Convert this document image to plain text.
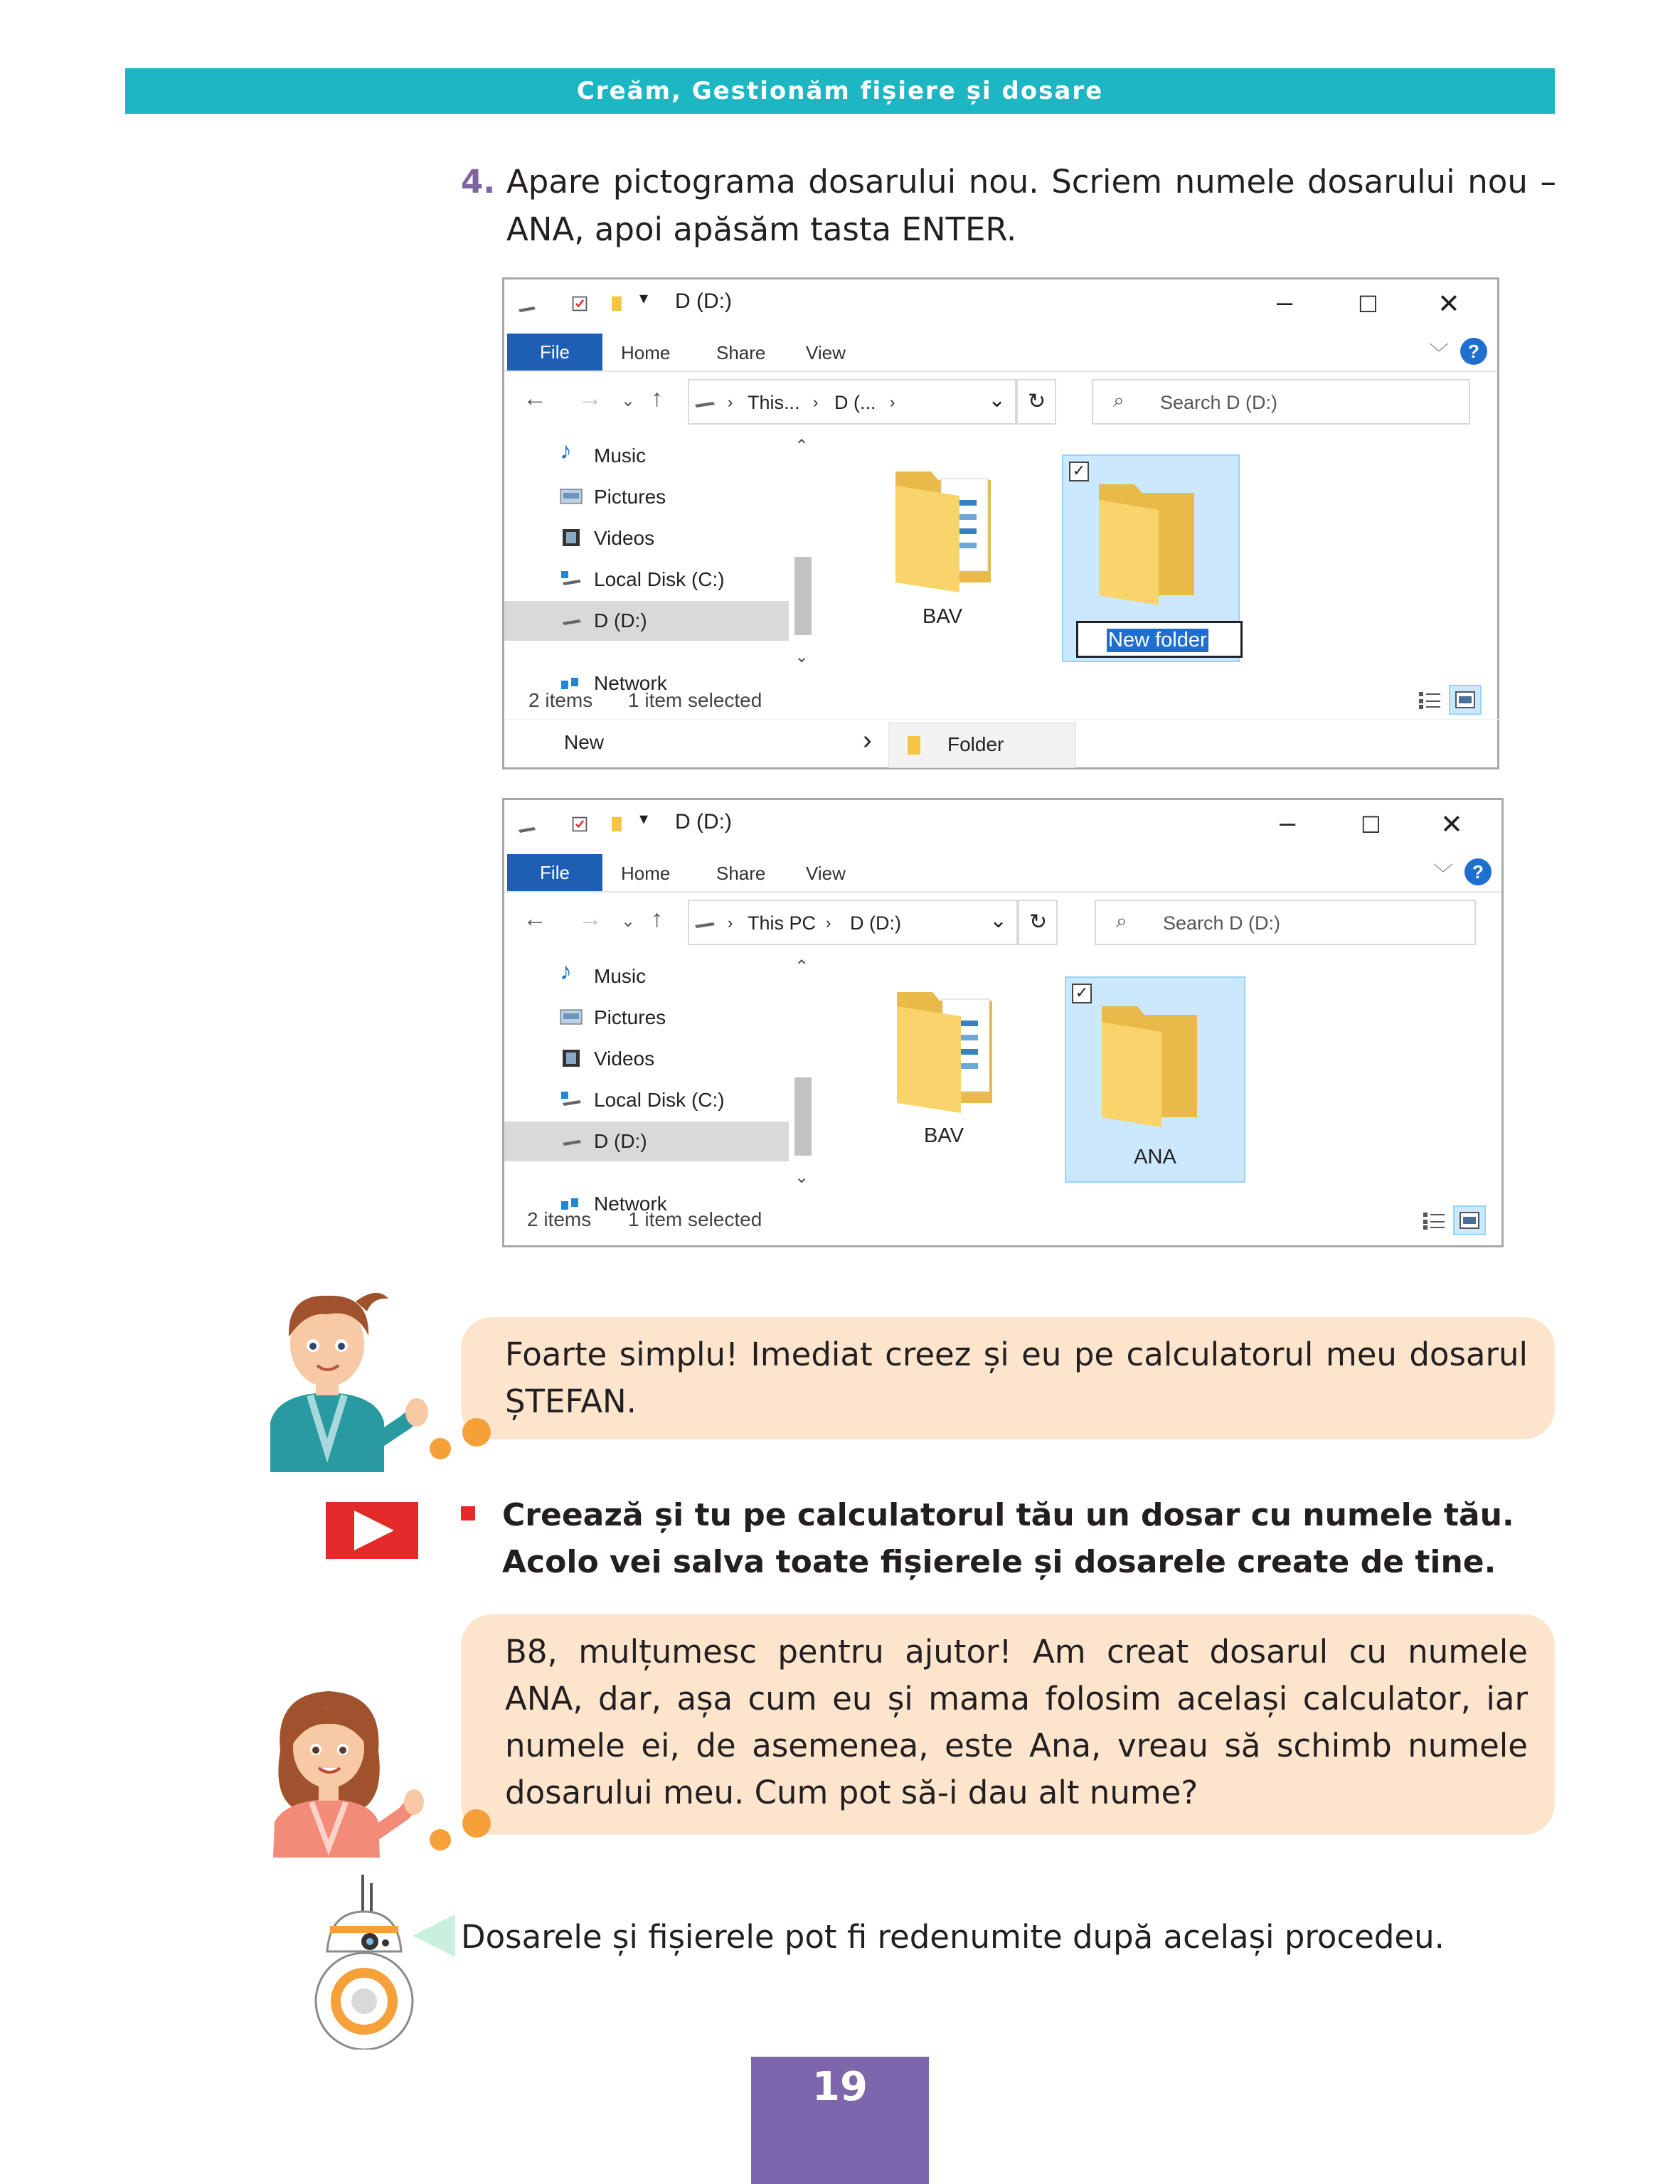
Creăm, Gestionăm fișiere și dosare
4. Apare pictograma dosarului nou. Scriem numele dosarului nou – ANA, apoi apăsăm tasta ENTER.
▾ D (D:)	–	☐ ✕
File	Home Share View	﹀	?
← → ⌄ ↑	› This... › D (... ›	⌄ ↻	⌕ Search D (D:)
♪	Music
Pictures
Videos
Local Disk (C:)
D (D:)
Network
⌃
⌄
BAV
✓
New folder
2 items 1 item selected
New	›	Folder
▾ D (D:)	–	☐ ✕
File	Home Share View	﹀	?
← → ⌄ ↑	› This PC › D (D:)	⌄ ↻	⌕ Search D (D:)
♪	Music
Pictures
Videos
Local Disk (C:)
D (D:)
Network
⌃
⌄
BAV
✓
ANA
2 items 1 item selected
Foarte simplu! Imediat creez și eu pe calculatorul meu dosarul ȘTEFAN.
Creează și tu pe calculatorul tău un dosar cu numele tău. Acolo vei salva toate fișierele și dosarele create de tine.
B8, mulțumesc pentru ajutor! Am creat dosarul cu numele ANA, dar, așa cum eu și mama folosim același calculator, iar numele ei, de asemenea, este Ana, vreau să schimb numele dosarului meu. Cum pot să-i dau alt nume?
Dosarele și fișierele pot fi redenumite după același procedeu.
19
